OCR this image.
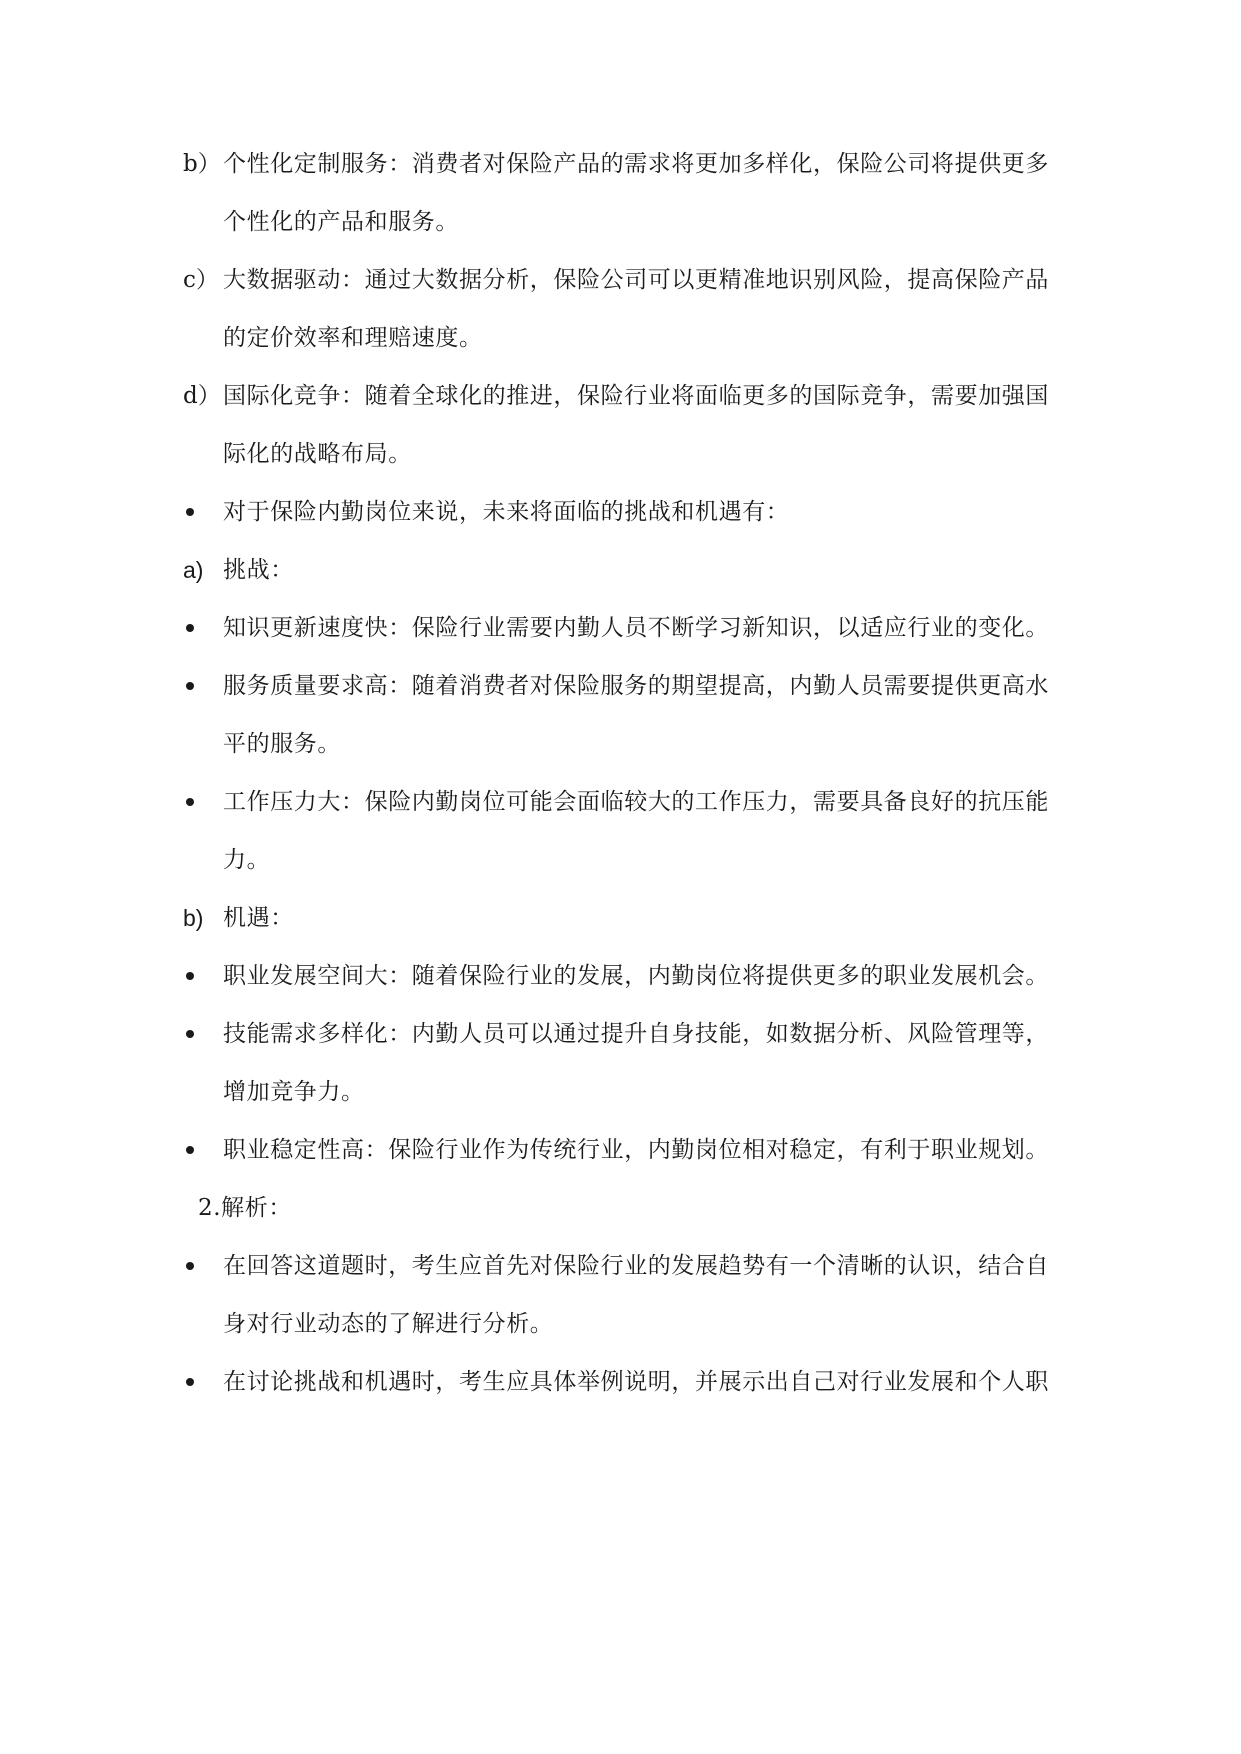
b） 个性化定制服务：消费者对保险产品的需求将更加多样化，保险公司将提供更多
个性化的产品和服务。
c） 大数据驱动：通过大数据分析，保险公司可以更精准地识别风险，提高保险产品
的定价效率和理赔速度。
d） 国际化竞争：随着全球化的推进，保险行业将面临更多的国际竞争，需要加强国
际化的战略布局。
对于保险内勤岗位来说，未来将面临的挑战和机遇有：
a) 挑战：
知识更新速度快：保险行业需要内勤人员不断学习新知识，以适应行业的变化。
服务质量要求高：随着消费者对保险服务的期望提高，内勤人员需要提供更高水
平的服务。
工作压力大：保险内勤岗位可能会面临较大的工作压力，需要具备良好的抗压能
力。
b) 机遇：
职业发展空间大：随着保险行业的发展，内勤岗位将提供更多的职业发展机会。
技能需求多样化：内勤人员可以通过提升自身技能，如数据分析、风险管理等，
增加竞争力。
职业稳定性高：保险行业作为传统行业，内勤岗位相对稳定，有利于职业规划。
2.解析：
在回答这道题时，考生应首先对保险行业的发展趋势有一个清晰的认识，结合自
身对行业动态的了解进行分析。
在讨论挑战和机遇时，考生应具体举例说明，并展示出自己对行业发展和个人职
